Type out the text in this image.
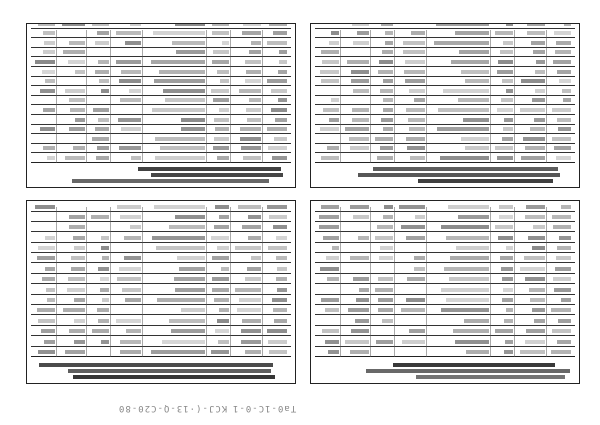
KCJ-(·13-Q-C20-80 Ta0-1C-0-1
